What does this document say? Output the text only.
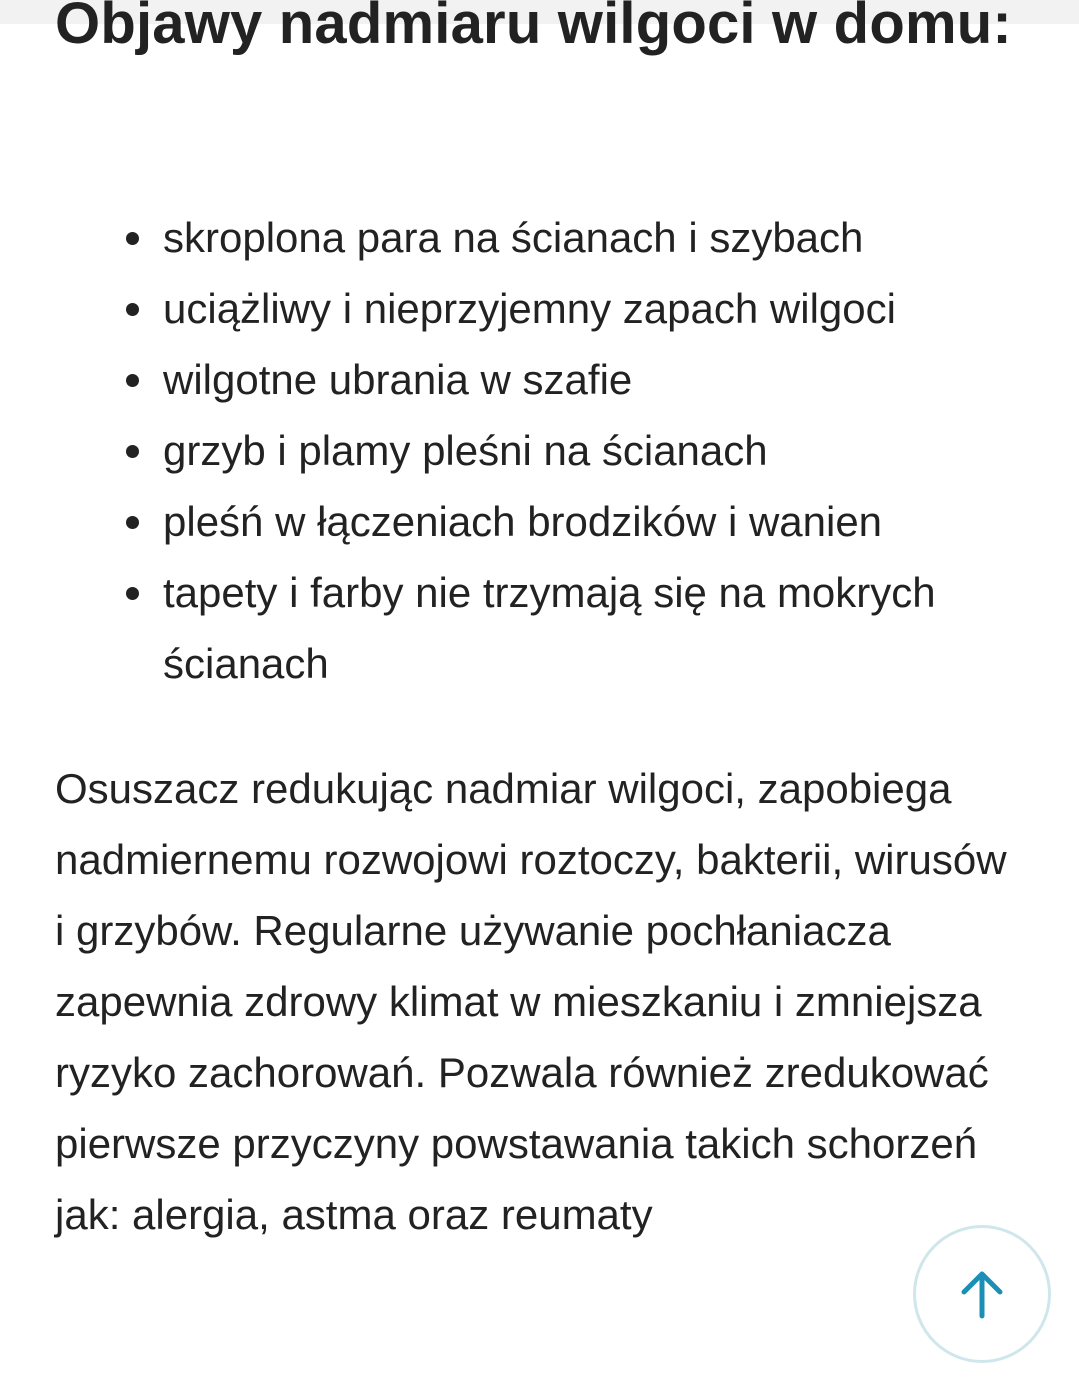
Objawy nadmiaru wilgoci w domu:
skroplona para na ścianach i szybach
uciążliwy i nieprzyjemny zapach wilgoci
wilgotne ubrania w szafie
grzyb i plamy pleśni na ścianach
pleśń w łączeniach brodzików i wanien
tapety i farby nie trzymają się na mokrych ścianach

Osuszacz redukując nadmiar wilgoci, zapobiega nadmiernemu rozwojowi roztoczy, bakterii, wirusów i grzybów. Regularne używanie pochłaniacza zapewnia zdrowy klimat w mieszkaniu i zmniejsza ryzyko zachorowań. Pozwala również zredukować pierwsze przyczyny powstawania takich schorzeń jak: alergia, astma oraz reumaty
